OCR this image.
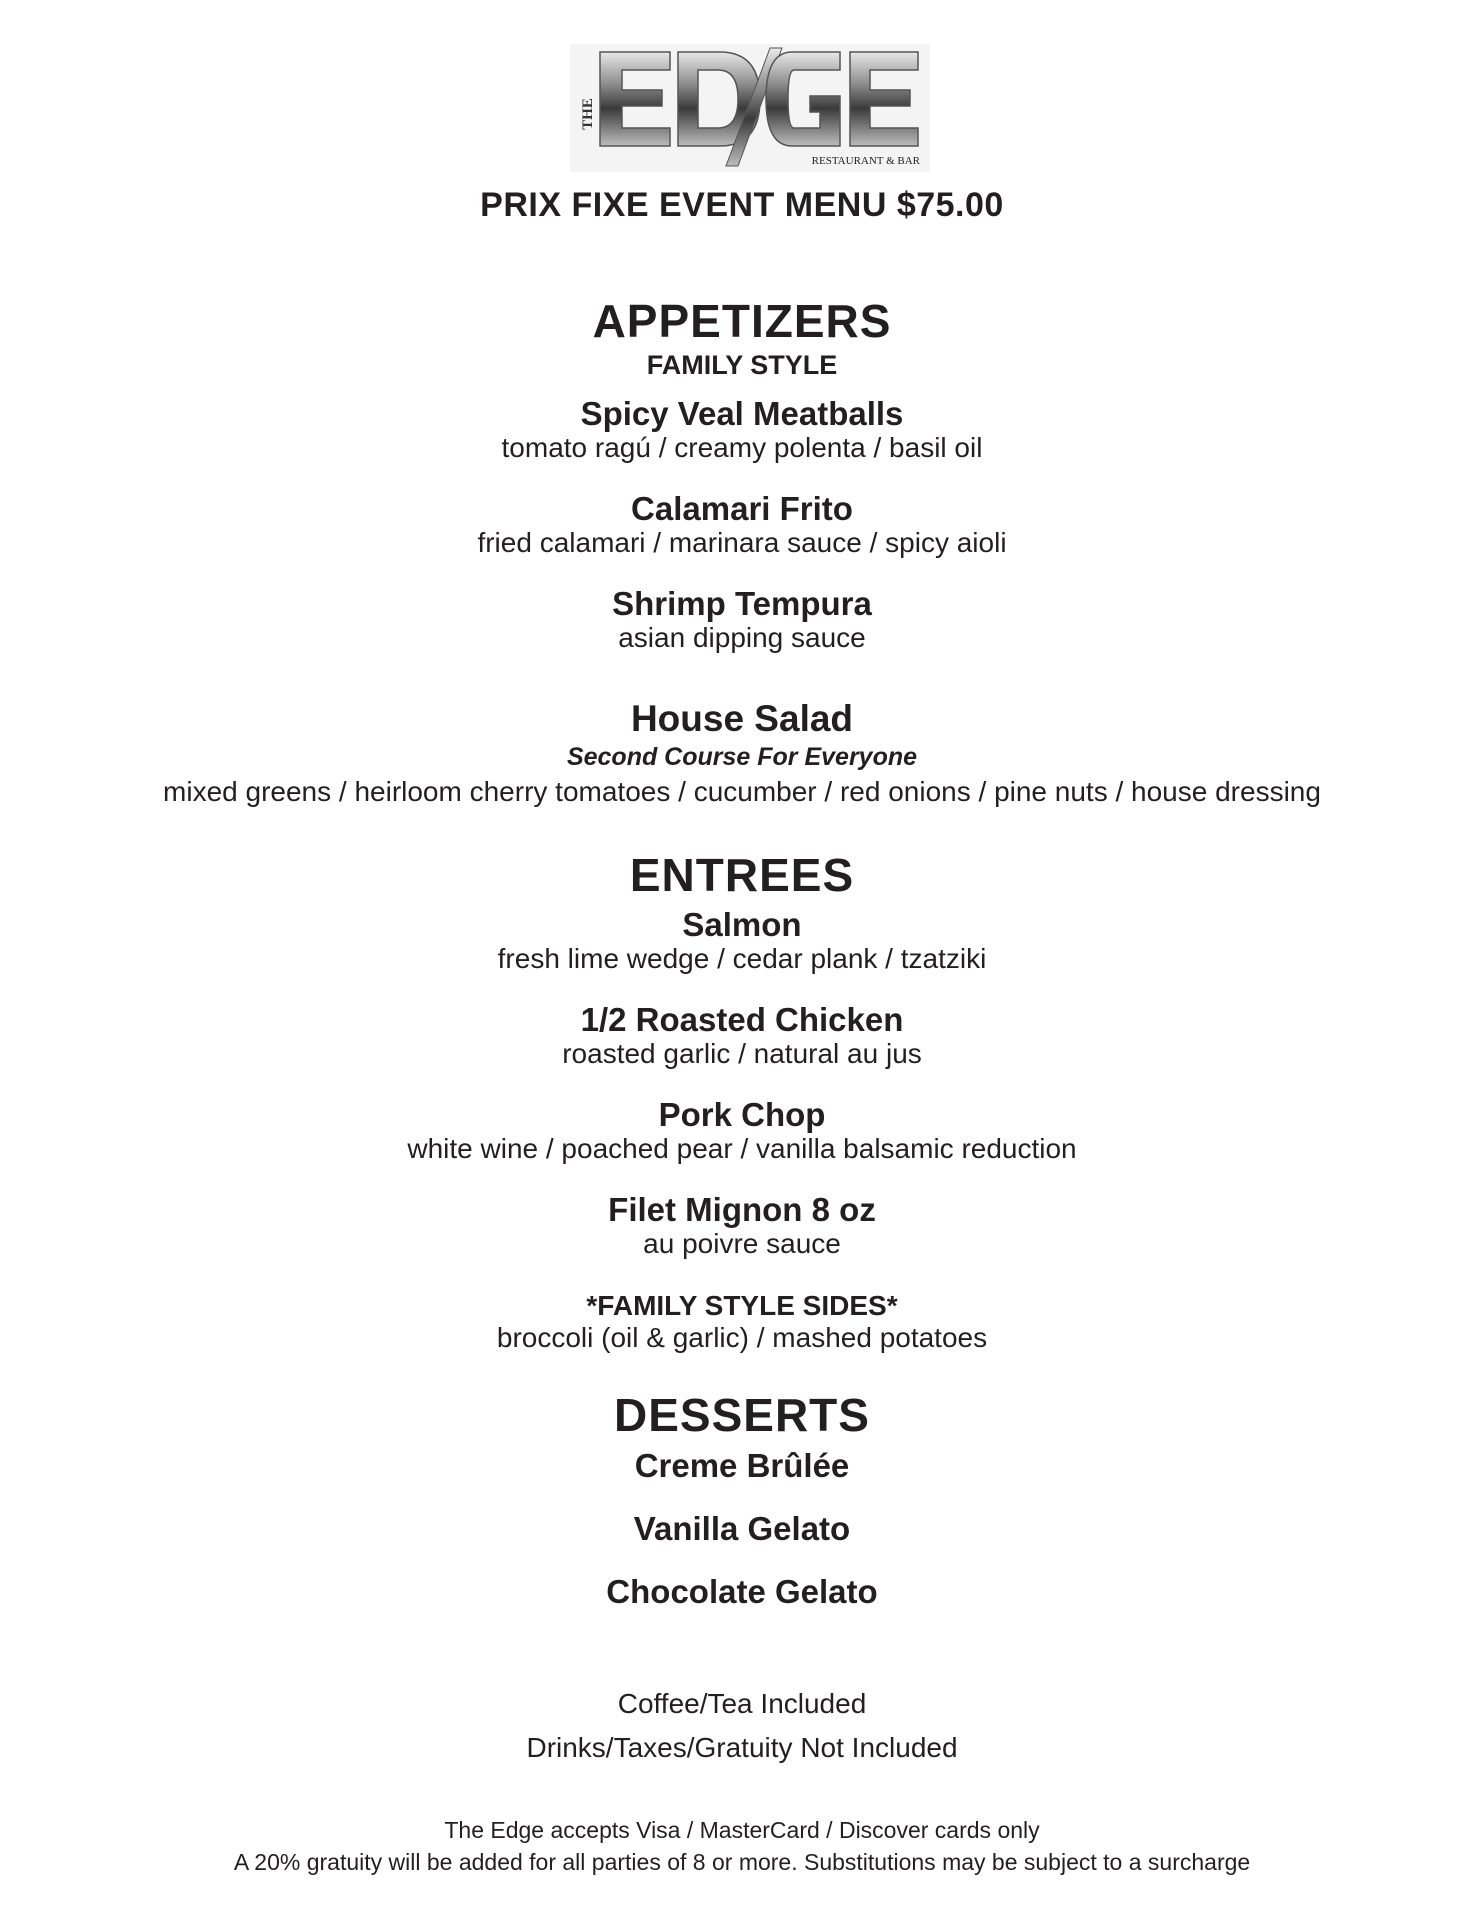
THE
RESTAURANT & BAR
PRIX FIXE EVENT MENU $75.00
APPETIZERS
FAMILY STYLE
Spicy Veal Meatballs
tomato ragú / creamy polenta / basil oil
Calamari Frito
fried calamari / marinara sauce / spicy aioli
Shrimp Tempura
asian dipping sauce
House Salad
Second Course For Everyone
mixed greens / heirloom cherry tomatoes / cucumber / red onions / pine nuts / house dressing
ENTREES
Salmon
fresh lime wedge / cedar plank / tzatziki
1/2 Roasted Chicken
roasted garlic / natural au jus
Pork Chop
white wine / poached pear / vanilla balsamic reduction
Filet Mignon 8 oz
au poivre sauce
*FAMILY STYLE SIDES*
broccoli (oil & garlic) / mashed potatoes
DESSERTS
Creme Brûlée
Vanilla Gelato
Chocolate Gelato
Coffee/Tea Included
Drinks/Taxes/Gratuity Not Included
The Edge accepts Visa / MasterCard / Discover cards only
A 20% gratuity will be added for all parties of 8 or more. Substitutions may be subject to a surcharge
